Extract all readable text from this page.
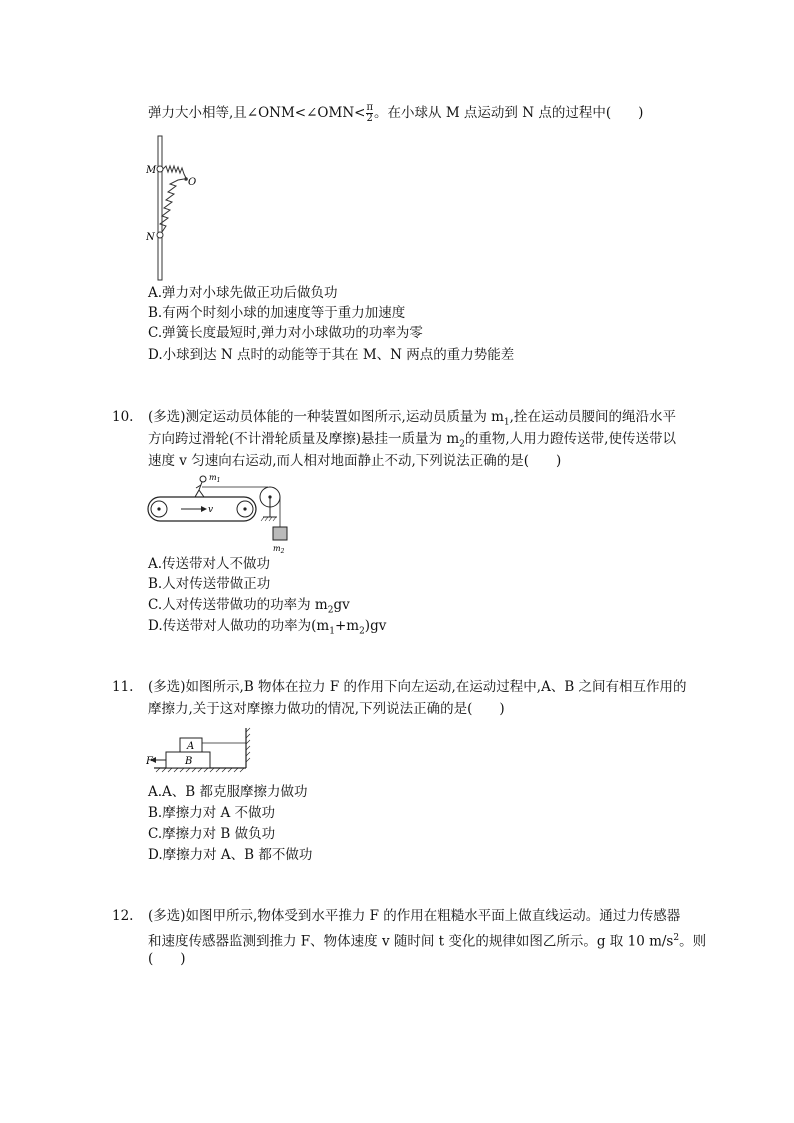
弹力大小相等,且∠ONM<∠OMN< $\frac{\pi}{2}$ 。在小球从 M 点运动到 N 点的过程中(　　)
M
O
N
A.弹力对小球先做正功后做负功
B.有两个时刻小球的加速度等于重力加速度
C.弹簧长度最短时,弹力对小球做功的功率为零
D.小球到达 N 点时的动能等于其在 M、N 两点的重力势能差
10. (多选)测定运动员体能的一种装置如图所示,运动员质量为 $m_1$,拴在运动员腰间的绳沿水平
方向跨过滑轮(不计滑轮质量及摩擦)悬挂一质量为 $m_2$的重物,人用力蹬传送带,使传送带以
速度 v 匀速向右运动,而人相对地面静止不动,下列说法正确的是(　　)
v
$m_1$
$m_2$
A.传送带对人不做功
B.人对传送带做正功
C.人对传送带做功的功率为 $m_2gv$
D.传送带对人做功的功率为$(m_1+m_2)gv$
11. (多选)如图所示,B 物体在拉力 F 的作用下向左运动,在运动过程中,A、B 之间有相互作用的
摩擦力,关于这对摩擦力做功的情况,下列说法正确的是(　　)
B
A
F
A.A、B 都克服摩擦力做功
B.摩擦力对 A 不做功
C.摩擦力对 B 做负功
D.摩擦力对 A、B 都不做功
12. (多选)如图甲所示,物体受到水平推力 F 的作用在粗糙水平面上做直线运动。通过力传感器
和速度传感器监测到推力 F、物体速度 v 随时间 t 变化的规律如图乙所示。g 取 10 $m/s^2$。则
(　　)
